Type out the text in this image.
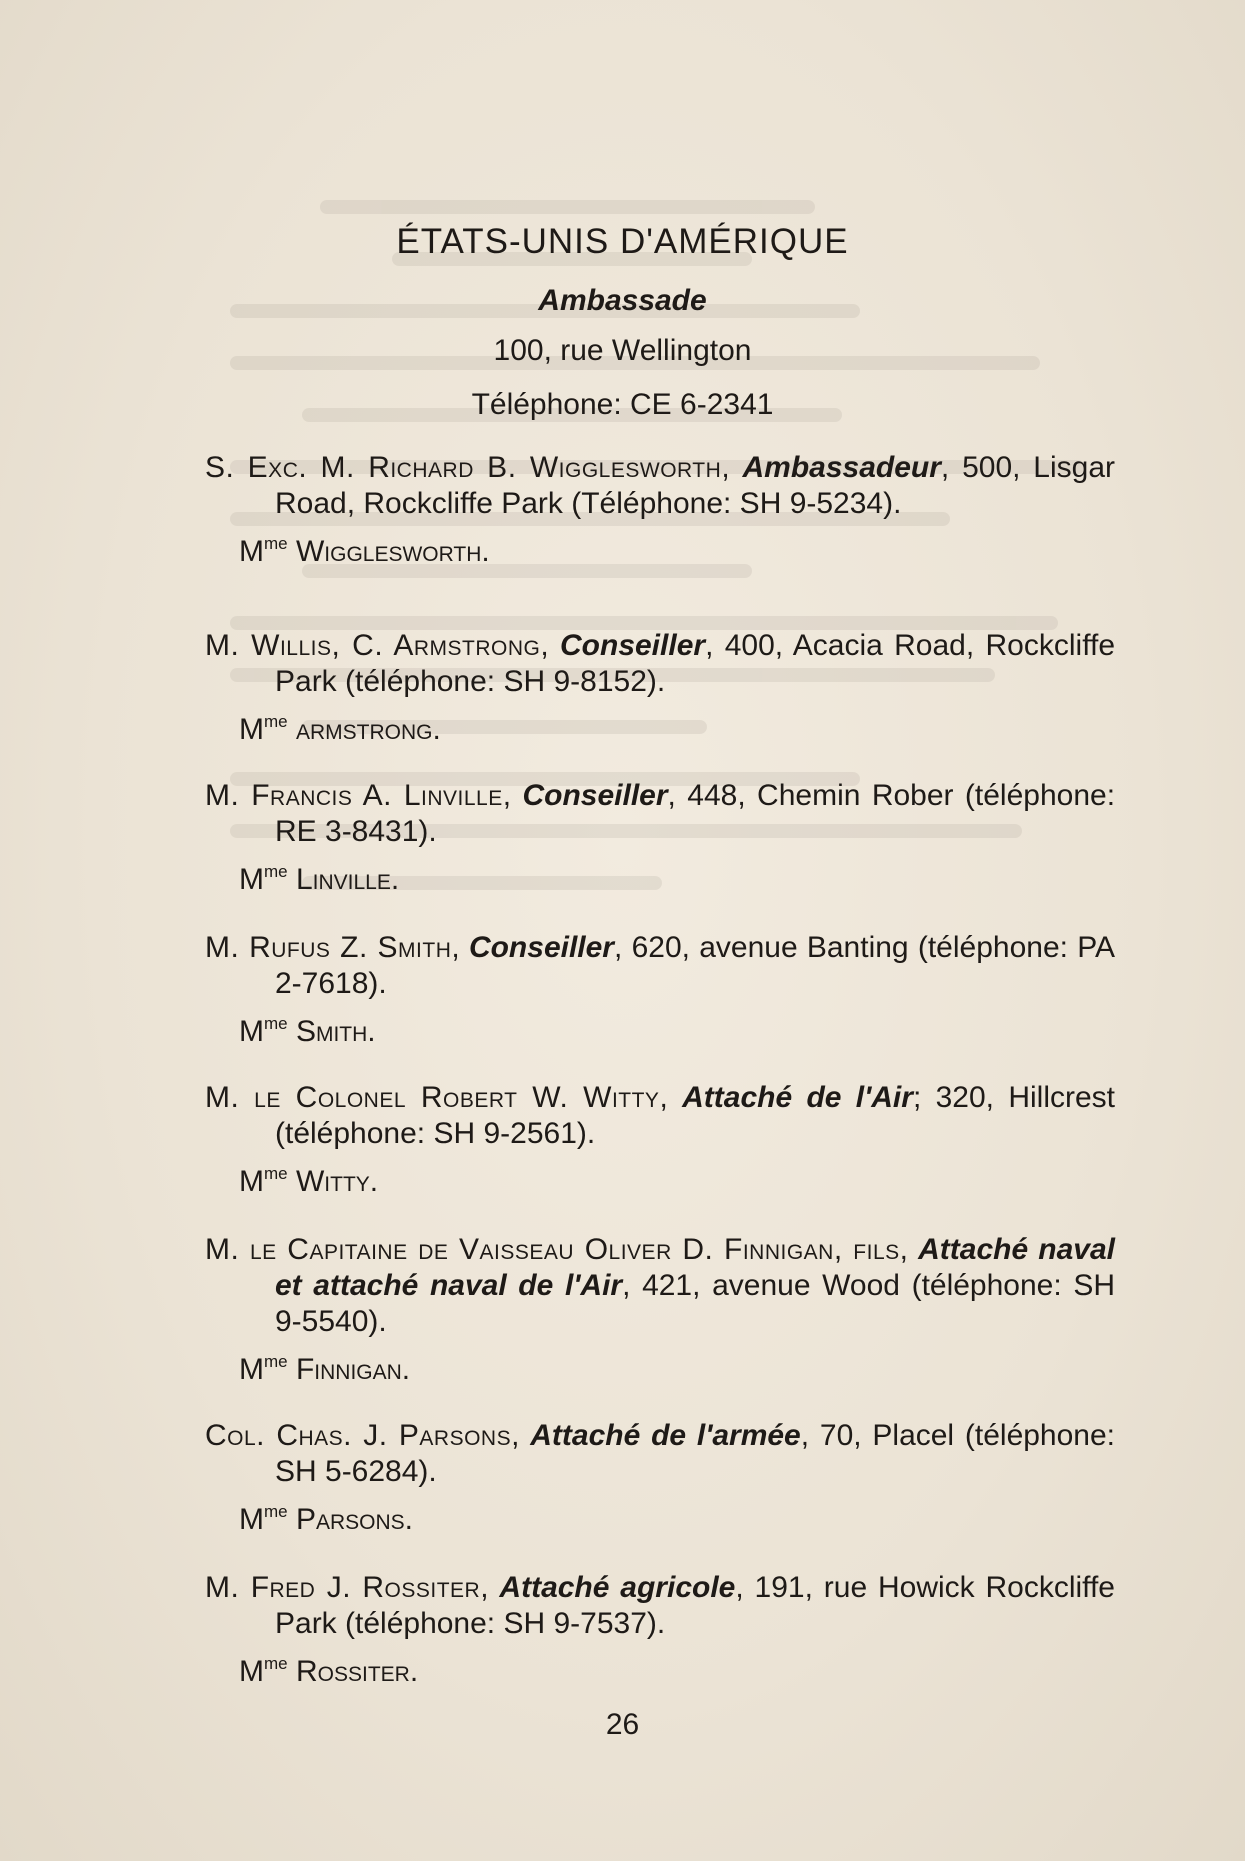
ÉTATS-UNIS D'AMÉRIQUE
Ambassade
100, rue Wellington
Téléphone: CE 6-2341
S. Exc. M. Richard B. Wigglesworth, Ambassadeur, 500, Lisgar Road, Rockcliffe Park (Téléphone: SH 9-5234).
$M^{me}$ Wigglesworth.
M. Willis, C. Armstrong, Conseiller, 400, Acacia Road, Rockcliffe Park (téléphone: SH 9-8152).
$M^{me}$ armstrong.
M. Francis A. Linville, Conseiller, 448, Chemin Rober (téléphone: RE 3-8431).
$M^{me}$ Linville.
M. Rufus Z. Smith, Conseiller, 620, avenue Banting (téléphone: PA 2-7618).
$M^{me}$ Smith.
M. le Colonel Robert W. Witty, Attaché de l'Air; 320, Hillcrest (téléphone: SH 9-2561).
$M^{me}$ Witty.
M. le Capitaine de Vaisseau Oliver D. Finnigan, fils, Attaché naval et attaché naval de l'Air, 421, avenue Wood (téléphone: SH 9-5540).
$M^{me}$ Finnigan.
Col. Chas. J. Parsons, Attaché de l'armée, 70, Placel (téléphone: SH 5-6284).
$M^{me}$ Parsons.
M. Fred J. Rossiter, Attaché agricole, 191, rue Howick Rockcliffe Park (téléphone: SH 9-7537).
$M^{me}$ Rossiter.
26
